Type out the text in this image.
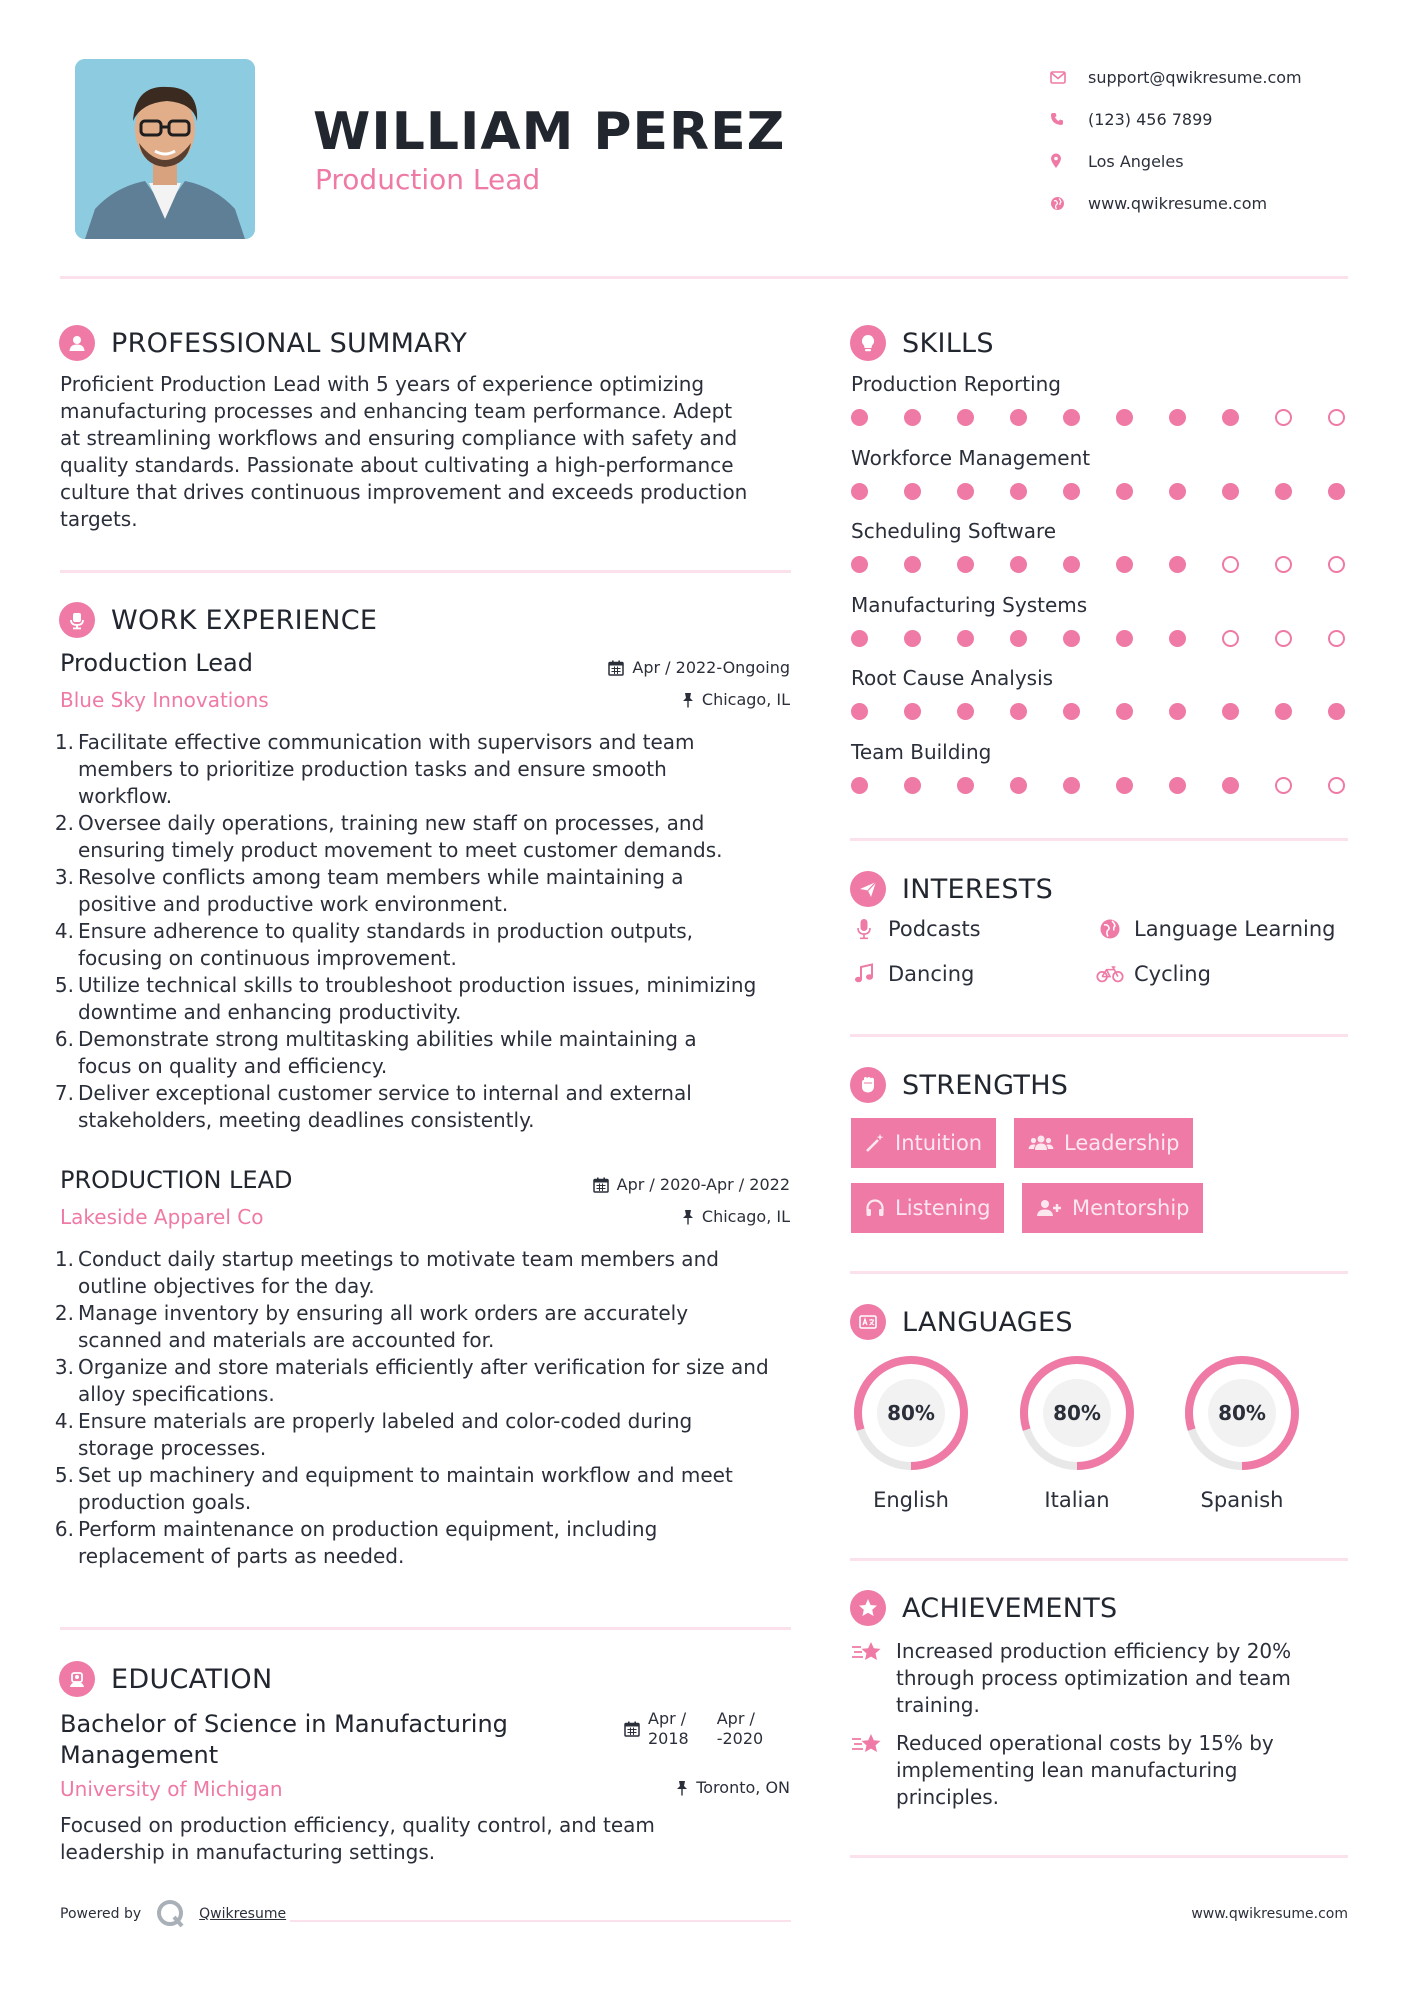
WILLIAM PEREZ
Production Lead
support@qwikresume.com
(123) 456 7899
Los Angeles
www.qwikresume.com
PROFESSIONAL SUMMARY
Proficient Production Lead with 5 years of experience optimizing
manufacturing processes and enhancing team performance. Adept
at streamlining workflows and ensuring compliance with safety and
quality standards. Passionate about cultivating a high-performance
culture that drives continuous improvement and exceeds production
targets.
WORK EXPERIENCE
Production Lead
Blue Sky Innovations
Apr / 2022-Ongoing
Chicago, IL
1. Facilitate effective communication with supervisors and team
members to prioritize production tasks and ensure smooth
workflow.
2. Oversee daily operations, training new staff on processes, and
ensuring timely product movement to meet customer demands.
3. Resolve conflicts among team members while maintaining a
positive and productive work environment.
4. Ensure adherence to quality standards in production outputs,
focusing on continuous improvement.
5. Utilize technical skills to troubleshoot production issues, minimizing
downtime and enhancing productivity.
6. Demonstrate strong multitasking abilities while maintaining a
focus on quality and efficiency.
7. Deliver exceptional customer service to internal and external
stakeholders, meeting deadlines consistently.
PRODUCTION LEAD
Lakeside Apparel Co
Apr / 2020-Apr / 2022
Chicago, IL
1. Conduct daily startup meetings to motivate team members and
outline objectives for the day.
2. Manage inventory by ensuring all work orders are accurately
scanned and materials are accounted for.
3. Organize and store materials efficiently after verification for size and
alloy specifications.
4. Ensure materials are properly labeled and color-coded during
storage processes.
5. Set up machinery and equipment to maintain workflow and meet
production goals.
6. Perform maintenance on production equipment, including
replacement of parts as needed.
EDUCATION
Bachelor of Science in Manufacturing
Management
University of Michigan
Apr /
2018
Apr /
-2020
Toronto, ON
Focused on production efficiency, quality control, and team
leadership in manufacturing settings.
SKILLS
Production Reporting
Workforce Management
Scheduling Software
Manufacturing Systems
Root Cause Analysis
Team Building
INTERESTS
Podcasts	Language Learning
Dancing	Cycling
STRENGTHS
Intuition	Leadership
Listening	Mentorship
LANGUAGES
80%
English
80%
Italian
80%
Spanish
ACHIEVEMENTS
Increased production efficiency by 20%
through process optimization and team
training.
Reduced operational costs by 15% by
implementing lean manufacturing
principles.
Powered by	Qwikresume	www.qwikresume.com
